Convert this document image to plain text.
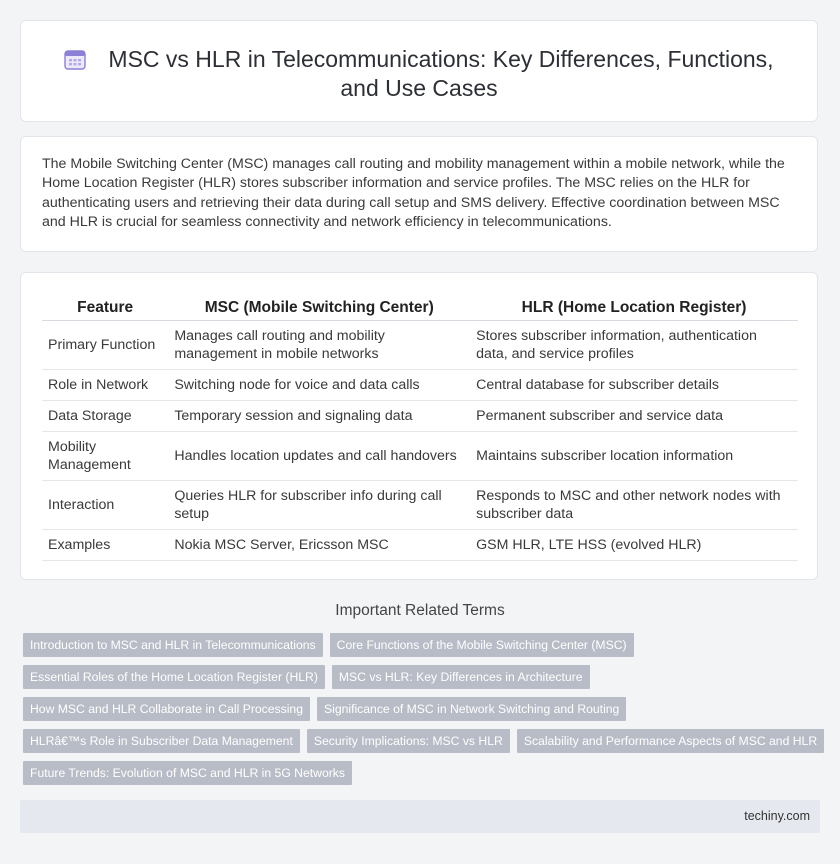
MSC vs HLR in Telecommunications: Key Differences, Functions,
and Use Cases
The Mobile Switching Center (MSC) manages call routing and mobility management within a mobile network, while the Home Location Register (HLR) stores subscriber information and service profiles. The MSC relies on the HLR for authenticating users and retrieving their data during call setup and SMS delivery. Effective coordination between MSC and HLR is crucial for seamless connectivity and network efficiency in telecommunications.
Feature	MSC (Mobile Switching Center)	HLR (Home Location Register)
Primary Function	Manages call routing and mobility management in mobile networks	Stores subscriber information, authentication data, and service profiles
Role in Network	Switching node for voice and data calls	Central database for subscriber details
Data Storage	Temporary session and signaling data	Permanent subscriber and service data
Mobility Management	Handles location updates and call handovers	Maintains subscriber location information
Interaction	Queries HLR for subscriber info during call setup	Responds to MSC and other network nodes with subscriber data
Examples	Nokia MSC Server, Ericsson MSC	GSM HLR, LTE HSS (evolved HLR)
Important Related Terms
Introduction to MSC and HLR in Telecommunications	Core Functions of the Mobile Switching Center (MSC)
Essential Roles of the Home Location Register (HLR)	MSC vs HLR: Key Differences in Architecture
How MSC and HLR Collaborate in Call Processing	Significance of MSC in Network Switching and Routing
HLRâ€™s Role in Subscriber Data Management	Security Implications: MSC vs HLR	Scalability and Performance Aspects of MSC and HLR
Future Trends: Evolution of MSC and HLR in 5G Networks
techiny.com
